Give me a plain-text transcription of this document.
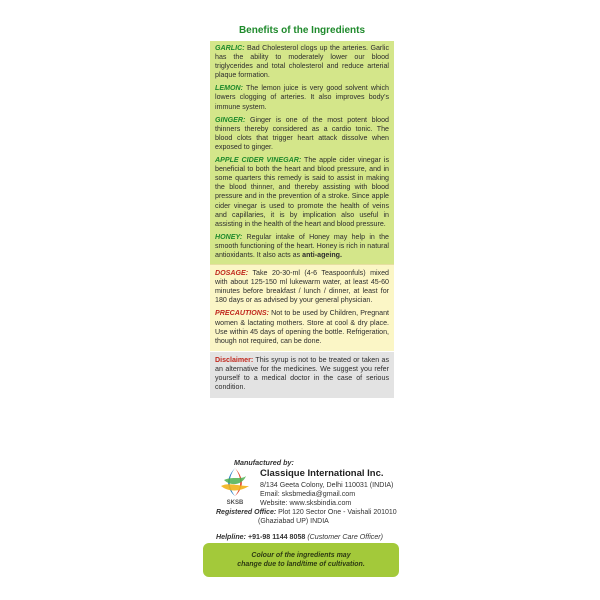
Benefits of the Ingredients

GARLIC: Bad Cholesterol clogs up the arteries. Garlic has the ability to moderately lower our blood triglycerides and total cholesterol and reduce arterial plaque formation.

LEMON: The lemon juice is very good solvent which lowers clogging of arteries. It also improves body's immune system.

GINGER: Ginger is one of the most potent blood thinners thereby considered as a cardio tonic. The blood clots that trigger heart attack dissolve when exposed to ginger.

APPLE CIDER VINEGAR: The apple cider vinegar is beneficial to both the heart and blood pressure, and in some quarters this remedy is said to assist in making the blood thinner, and thereby assisting with blood pressure and in the prevention of a stroke. Since apple cider vinegar is used to promote the health of veins and capillaries, it is by implication also useful in assisting in the health of the heart and blood pressure.

HONEY: Regular intake of Honey may help in the smooth functioning of the heart. Honey is rich in natural antioxidants. It also acts as anti-ageing.

DOSAGE: Take 20-30-ml (4-6 Teaspoonfuls) mixed with about 125-150 ml lukewarm water, at least 45-60 minutes before breakfast / lunch / dinner, at least for 180 days or as advised by your general physician.

PRECAUTIONS: Not to be used by Children, Pregnant women & lactating mothers. Store at cool & dry place. Use within 45 days of opening the bottle. Refrigeration, though not required, can be done.

Disclaimer: This syrup is not to be treated or taken as an alternative for the medicines. We suggest you refer yourself to a medical doctor in the case of serious condition.

Manufactured by:
SKSB
Classique International Inc.
8/134 Geeta Colony, Delhi 110031 (INDIA)
Email: sksbmedia@gmail.com
Website: www.sksbindia.com
Registered Office: Plot 120 Sector One - Vaishali 201010
(Ghaziabad UP) INDIA
Helpline: +91-98 1144 8058 (Customer Care Officer)
Colour of the ingredients may
change due to land/time of cultivation.
